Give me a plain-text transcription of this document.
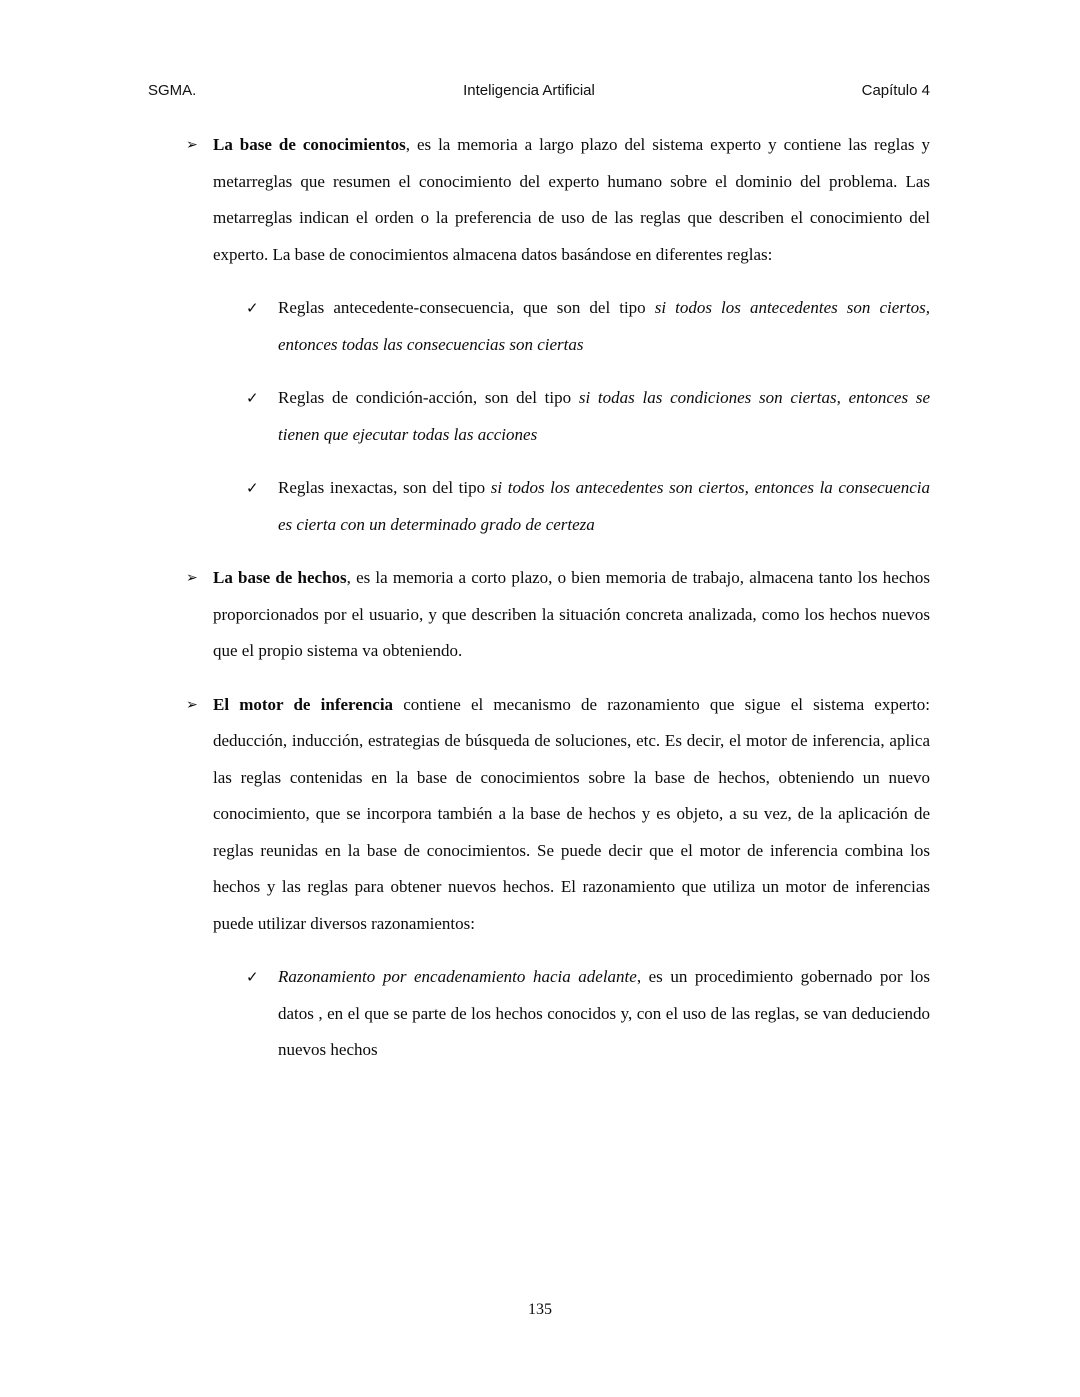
SGMA.	Inteligencia Artificial	Capítulo 4
➢ La base de conocimientos, es la memoria a largo plazo del sistema experto y contiene las reglas y metarreglas que resumen el conocimiento del experto humano sobre el dominio del problema. Las metarreglas indican el orden o la preferencia de uso de las reglas que describen el conocimiento del experto. La base de conocimientos almacena datos basándose en diferentes reglas:
✓	Reglas antecedente-consecuencia, que son del tipo si todos los antecedentes son ciertos, entonces todas las consecuencias son ciertas
✓	Reglas de condición-acción, son del tipo si todas las condiciones son ciertas, entonces se tienen que ejecutar todas las acciones
✓	Reglas inexactas, son del tipo si todos los antecedentes son ciertos, entonces la consecuencia es cierta con un determinado grado de certeza
➢ La base de hechos, es la memoria a corto plazo, o bien memoria de trabajo, almacena tanto los hechos proporcionados por el usuario, y que describen la situación concreta analizada, como los hechos nuevos que el propio sistema va obteniendo.
➢ El motor de inferencia contiene el mecanismo de razonamiento que sigue el sistema experto: deducción, inducción, estrategias de búsqueda de soluciones, etc. Es decir, el motor de inferencia, aplica las reglas contenidas en la base de conocimientos sobre la base de hechos, obteniendo un nuevo conocimiento, que se incorpora también a la base de hechos y es objeto, a su vez, de la aplicación de reglas reunidas en la base de conocimientos. Se puede decir que el motor de inferencia combina los hechos y las reglas para obtener nuevos hechos. El razonamiento que utiliza un motor de inferencias puede utilizar diversos razonamientos:
✓	Razonamiento por encadenamiento hacia adelante, es un procedimiento gobernado por los datos , en el que se parte de los hechos conocidos y, con el uso de las reglas, se van deduciendo nuevos hechos
135
